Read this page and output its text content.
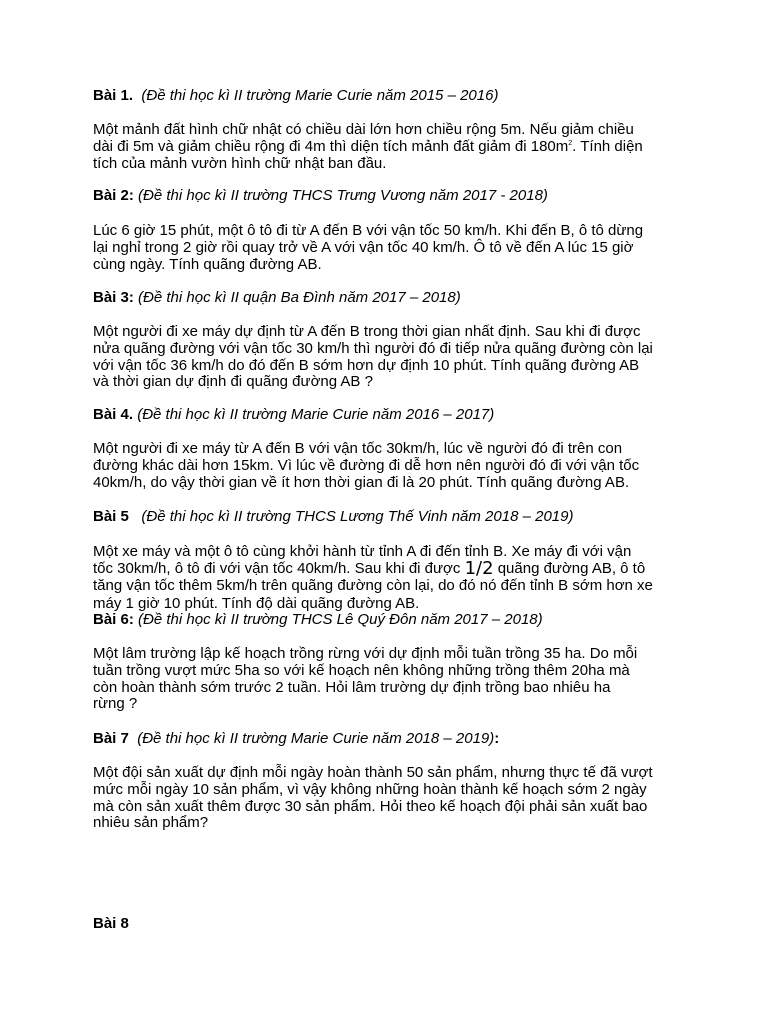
Bài 1. (Đề thi học kì II trường Marie Curie năm 2015 – 2016)
Một mảnh đất hình chữ nhật có chiều dài lớn hơn chiều rộng 5m. Nếu giảm chiều
dài đi 5m và giảm chiều rộng đi 4m thì diện tích mảnh đất giảm đi $180m^2$. Tính diện
tích của mảnh vườn hình chữ nhật ban đầu.
Bài 2: (Đề thi học kì II trường THCS Trưng Vương năm 2017 - 2018)
Lúc 6 giờ 15 phút, một ô tô đi từ A đến B với vận tốc 50 km/h. Khi đến B, ô tô dừng
lại nghỉ trong 2 giờ rồi quay trở về A với vận tốc 40 km/h. Ô tô về đến A lúc 15 giờ
cùng ngày. Tính quãng đường AB.
Bài 3: (Đề thi học kì II quận Ba Đình năm 2017 – 2018)
Một người đi xe máy dự định từ A đến B trong thời gian nhất định. Sau khi đi được
nửa quãng đường với vận tốc 30 km/h thì người đó đi tiếp nửa quãng đường còn lại
với vận tốc 36 km/h do đó đến B sớm hơn dự định 10 phút. Tính quãng đường AB
và thời gian dự định đi quãng đường AB ?
Bài 4. (Đề thi học kì II trường Marie Curie năm 2016 – 2017)
Một người đi xe máy từ A đến B với vận tốc 30km/h, lúc về người đó đi trên con
đường khác dài hơn 15km. Vì lúc về đường đi dễ hơn nên người đó đi với vận tốc
40km/h, do vậy thời gian về ít hơn thời gian đi là 20 phút. Tính quãng đường AB.
Bài 5 (Đề thi học kì II trường THCS Lương Thế Vinh năm 2018 – 2019)
Một xe máy và một ô tô cùng khởi hành từ tỉnh A đi đến tỉnh B. Xe máy đi với vận
tốc 30km/h, ô tô đi với vận tốc 40km/h. Sau khi đi được 1/2 quãng đường AB, ô tô
tăng vận tốc thêm 5km/h trên quãng đường còn lại, do đó nó đến tỉnh B sớm hơn xe
máy 1 giờ 10 phút. Tính độ dài quãng đường AB.
Bài 6: (Đề thi học kì II trường THCS Lê Quý Đôn năm 2017 – 2018)
Một lâm trường lập kế hoạch trồng rừng với dự định mỗi tuần trồng 35 ha. Do mỗi
tuần trồng vượt mức 5ha so với kế hoạch nên không những trồng thêm 20ha mà
còn hoàn thành sớm trước 2 tuần. Hỏi lâm trường dự định trồng bao nhiêu ha
rừng ?
Bài 7 (Đề thi học kì II trường Marie Curie năm 2018 – 2019):
Một đội sản xuất dự định mỗi ngày hoàn thành 50 sản phẩm, nhưng thực tế đã vượt
mức mỗi ngày 10 sản phẩm, vì vậy không những hoàn thành kế hoạch sớm 2 ngày
mà còn sản xuất thêm được 30 sản phẩm. Hỏi theo kế hoạch đội phải sản xuất bao
nhiêu sản phẩm?
Bài 8
